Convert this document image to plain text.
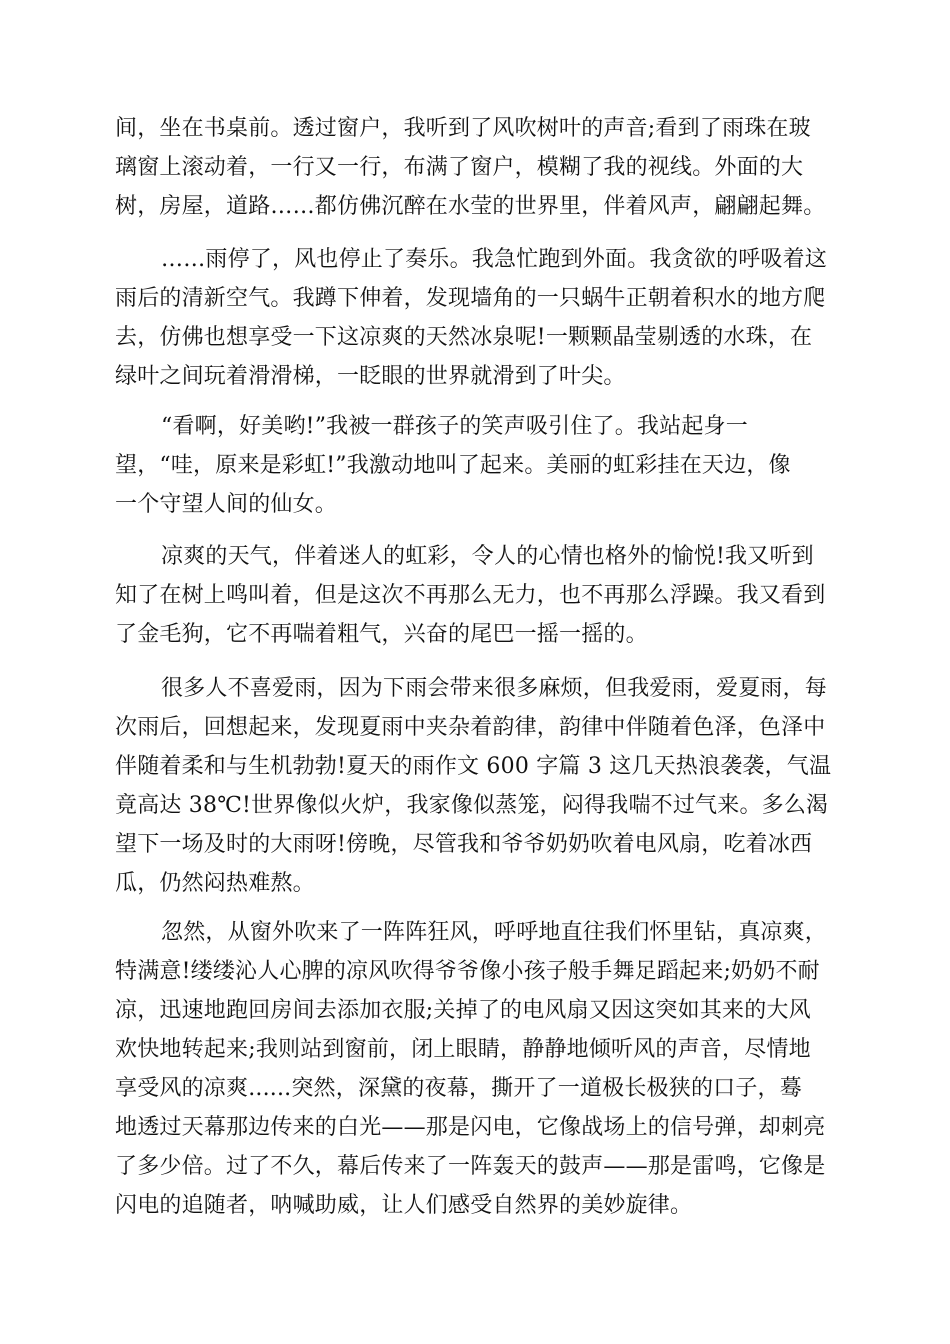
间，坐在书桌前。透过窗户，我听到了风吹树叶的声音;看到了雨珠在玻
璃窗上滚动着，一行又一行，布满了窗户，模糊了我的视线。外面的大
树，房屋，道路……都仿佛沉醉在水莹的世界里，伴着风声，翩翩起舞。
……雨停了，风也停止了奏乐。我急忙跑到外面。我贪欲的呼吸着这
雨后的清新空气。我蹲下伸着，发现墙角的一只蜗牛正朝着积水的地方爬
去，仿佛也想享受一下这凉爽的天然冰泉呢!一颗颗晶莹剔透的水珠，在
绿叶之间玩着滑滑梯，一眨眼的世界就滑到了叶尖。
“看啊，好美哟!”我被一群孩子的笑声吸引住了。我站起身一
望，“哇，原来是彩虹!”我激动地叫了起来。美丽的虹彩挂在天边，像
一个守望人间的仙女。
凉爽的天气，伴着迷人的虹彩，令人的心情也格外的愉悦!我又听到
知了在树上鸣叫着，但是这次不再那么无力，也不再那么浮躁。我又看到
了金毛狗，它不再喘着粗气，兴奋的尾巴一摇一摇的。
很多人不喜爱雨，因为下雨会带来很多麻烦，但我爱雨，爱夏雨，每
次雨后，回想起来，发现夏雨中夹杂着韵律，韵律中伴随着色泽，色泽中
伴随着柔和与生机勃勃!夏天的雨作文 600 字篇 3 这几天热浪袭袭，气温
竟高达 38℃!世界像似火炉，我家像似蒸笼，闷得我喘不过气来。多么渴
望下一场及时的大雨呀!傍晚，尽管我和爷爷奶奶吹着电风扇，吃着冰西
瓜，仍然闷热难熬。
忽然，从窗外吹来了一阵阵狂风，呼呼地直往我们怀里钻，真凉爽，
特满意!缕缕沁人心脾的凉风吹得爷爷像小孩子般手舞足蹈起来;奶奶不耐
凉，迅速地跑回房间去添加衣服;关掉了的电风扇又因这突如其来的大风
欢快地转起来;我则站到窗前，闭上眼睛，静静地倾听风的声音，尽情地
享受风的凉爽......突然，深黛的夜幕，撕开了一道极长极狭的口子，蓦
地透过天幕那边传来的白光——那是闪电，它像战场上的信号弹，却刺亮
了多少倍。过了不久，幕后传来了一阵轰天的鼓声——那是雷鸣，它像是
闪电的追随者，呐喊助威，让人们感受自然界的美妙旋律。
